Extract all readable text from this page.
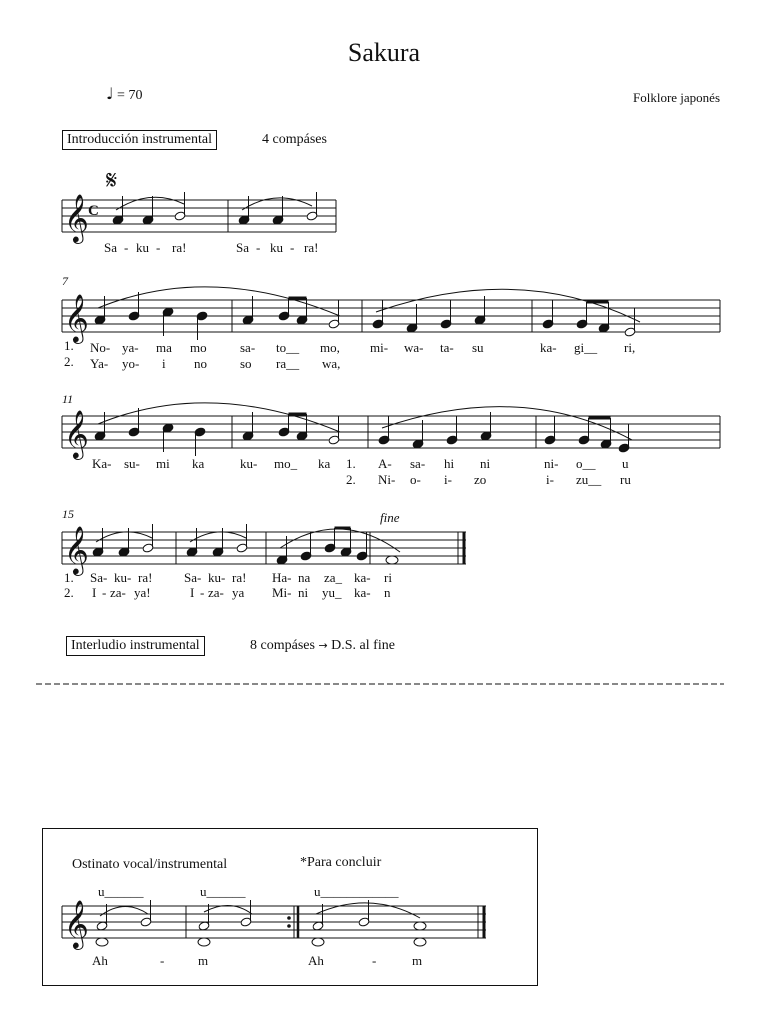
Sakura
♩ = 70	Folklore japonés
Introducción instrumental	4 compáses
𝄞
𝄞
𝄞
𝄞
𝄞
𝄋
C
7
11
15	fine
Sa - ku - ra!	Sa - ku - ra!
1.
2.
No- ya- ma mo	sa- to__ mo, mi- wa- ta- su	ka- gi__ ri,
Ya- yo- i no	so ra__ wa,
Ka- su- mi ka	ku- mo_ ka 1. A- sa- hi ni	ni- o__ u
2. Ni- o- i- zo	i- zu__ ru
1.
2.
Sa- ku- ra! Sa- ku- ra! Ha- na za_ ka- ri
I - za- ya!	I - za- ya Mi- ni yu_ ka- n
Interludio instrumental	8 compáses → D.S. al fine
Ostinato vocal/instrumental	*Para concluir
u______	u______	u____________
Ah	-	m	Ah	-	m
